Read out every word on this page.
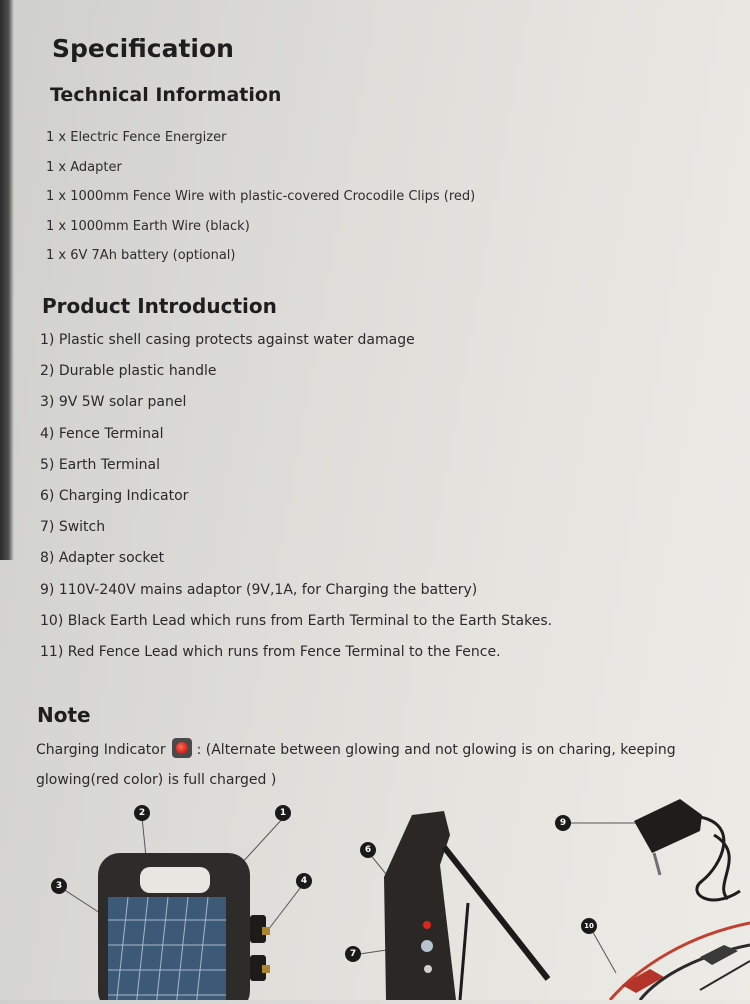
Specification
Technical Information
1 x Electric Fence Energizer
1 x Adapter
1 x 1000mm Fence Wire with plastic-covered Crocodile Clips (red)
1 x 1000mm Earth Wire (black)
1 x 6V 7Ah battery (optional)
Product Introduction
1) Plastic shell casing protects against water damage
2) Durable plastic handle
3) 9V 5W solar panel
4) Fence Terminal
5) Earth Terminal
6) Charging Indicator
7) Switch
8) Adapter socket
9) 110V-240V mains adaptor (9V,1A, for Charging the battery)
10) Black Earth Lead which runs from Earth Terminal to the Earth Stakes.
11) Red Fence Lead which runs from Fence Terminal to the Fence.
Note
Charging Indicator : (Alternate between glowing and not glowing is on charing, keeping
glowing(red color) is full charged )
2	1
3	4
6
7
9
10
